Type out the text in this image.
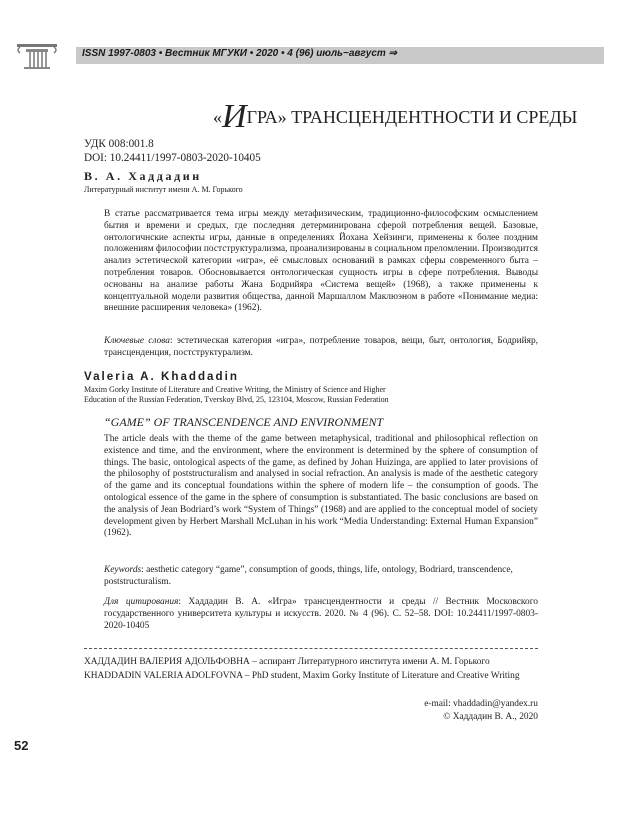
ISSN 1997-0803 • Вестник МГУКИ • 2020 • 4 (96) июль−август ⇒
«ИГРА» ТРАНСЦЕНДЕНТНОСТИ И СРЕДЫ
УДК 008:001.8
DOI: 10.24411/1997-0803-2020-10405
В. А. Хаддадин
Литературный институт имени А. М. Горького
В статье рассматривается тема игры между метафизическим, традиционно-философским осмыслением бытия и времени и средых, где последняя детерминирована сферой потребления вещей. Базовые, онтологичнские аспекты игры, данные в определениях Йохана Хейзинги, применены к более поздним положениям философии постструктурализма, проанализированы в социальном преломлении. Производится анализ эстетической категории «игра», её смысловых оснований в рамках сферы современного быта – потребления товаров. Обосновывается онтологическая сущность игры в сфере потребления. Выводы основаны на анализе работы Жана Бодрийяра «Система вещей» (1968), а также применены к концептуальной модели развития общества, данной Маршаллом Маклюэном в работе «Понимание медиа: внешние расширения человека» (1962).
Ключевые слова: эстетическая категория «игра», потребление товаров, вещи, быт, онтология, Бодрийяр, трансценденция, постструктурализм.
Valeria A. Khaddadin
Maxim Gorky Institute of Literature and Creative Writing, the Ministry of Science and Higher Education of the Russian Federation, Tverskoy Blvd, 25, 123104, Moscow, Russian Federation
“GAME” OF TRANSCENDENCE AND ENVIRONMENT
The article deals with the theme of the game between metaphysical, traditional and philosophical reflection on existence and time, and the environment, where the environment is determined by the sphere of consumption of things. The basic, ontological aspects of the game, as defined by Johan Huizinga, are applied to later provisions of the philosophy of poststructuralism and analysed in social refraction. An analysis is made of the aesthetic category of the game and its conceptual foundations within the sphere of modern life – the consumption of goods. The ontological essence of the game in the sphere of consumption is substantiated. The basic conclusions are based on the analysis of Jean Bodriard’s work “System of Things” (1968) and are applied to the conceptual model of society development given by Herbert Marshall McLuhan in his work “Media Understanding: External Human Expansion” (1962).
Keywords: aesthetic category “game”, consumption of goods, things, life, ontology, Bodriard, transcendence, poststructuralism.
Для цитирования: Хаддадин В. А. «Игра» трансцендентности и среды // Вестник Московского государственного университета культуры и искусств. 2020. № 4 (96). С. 52–58. DOI: 10.24411/1997-0803-2020-10405
ХАДДАДИН ВАЛЕРИЯ АДОЛЬФОВНА – аспирант Литературного института имени А. М. Горького
KHADDADIN VALERIA ADOLFOVNA – PhD student, Maxim Gorky Institute of Literature and Creative Writing
e-mail: vhaddadin@yandex.ru
© Хаддадин В. А., 2020
52
